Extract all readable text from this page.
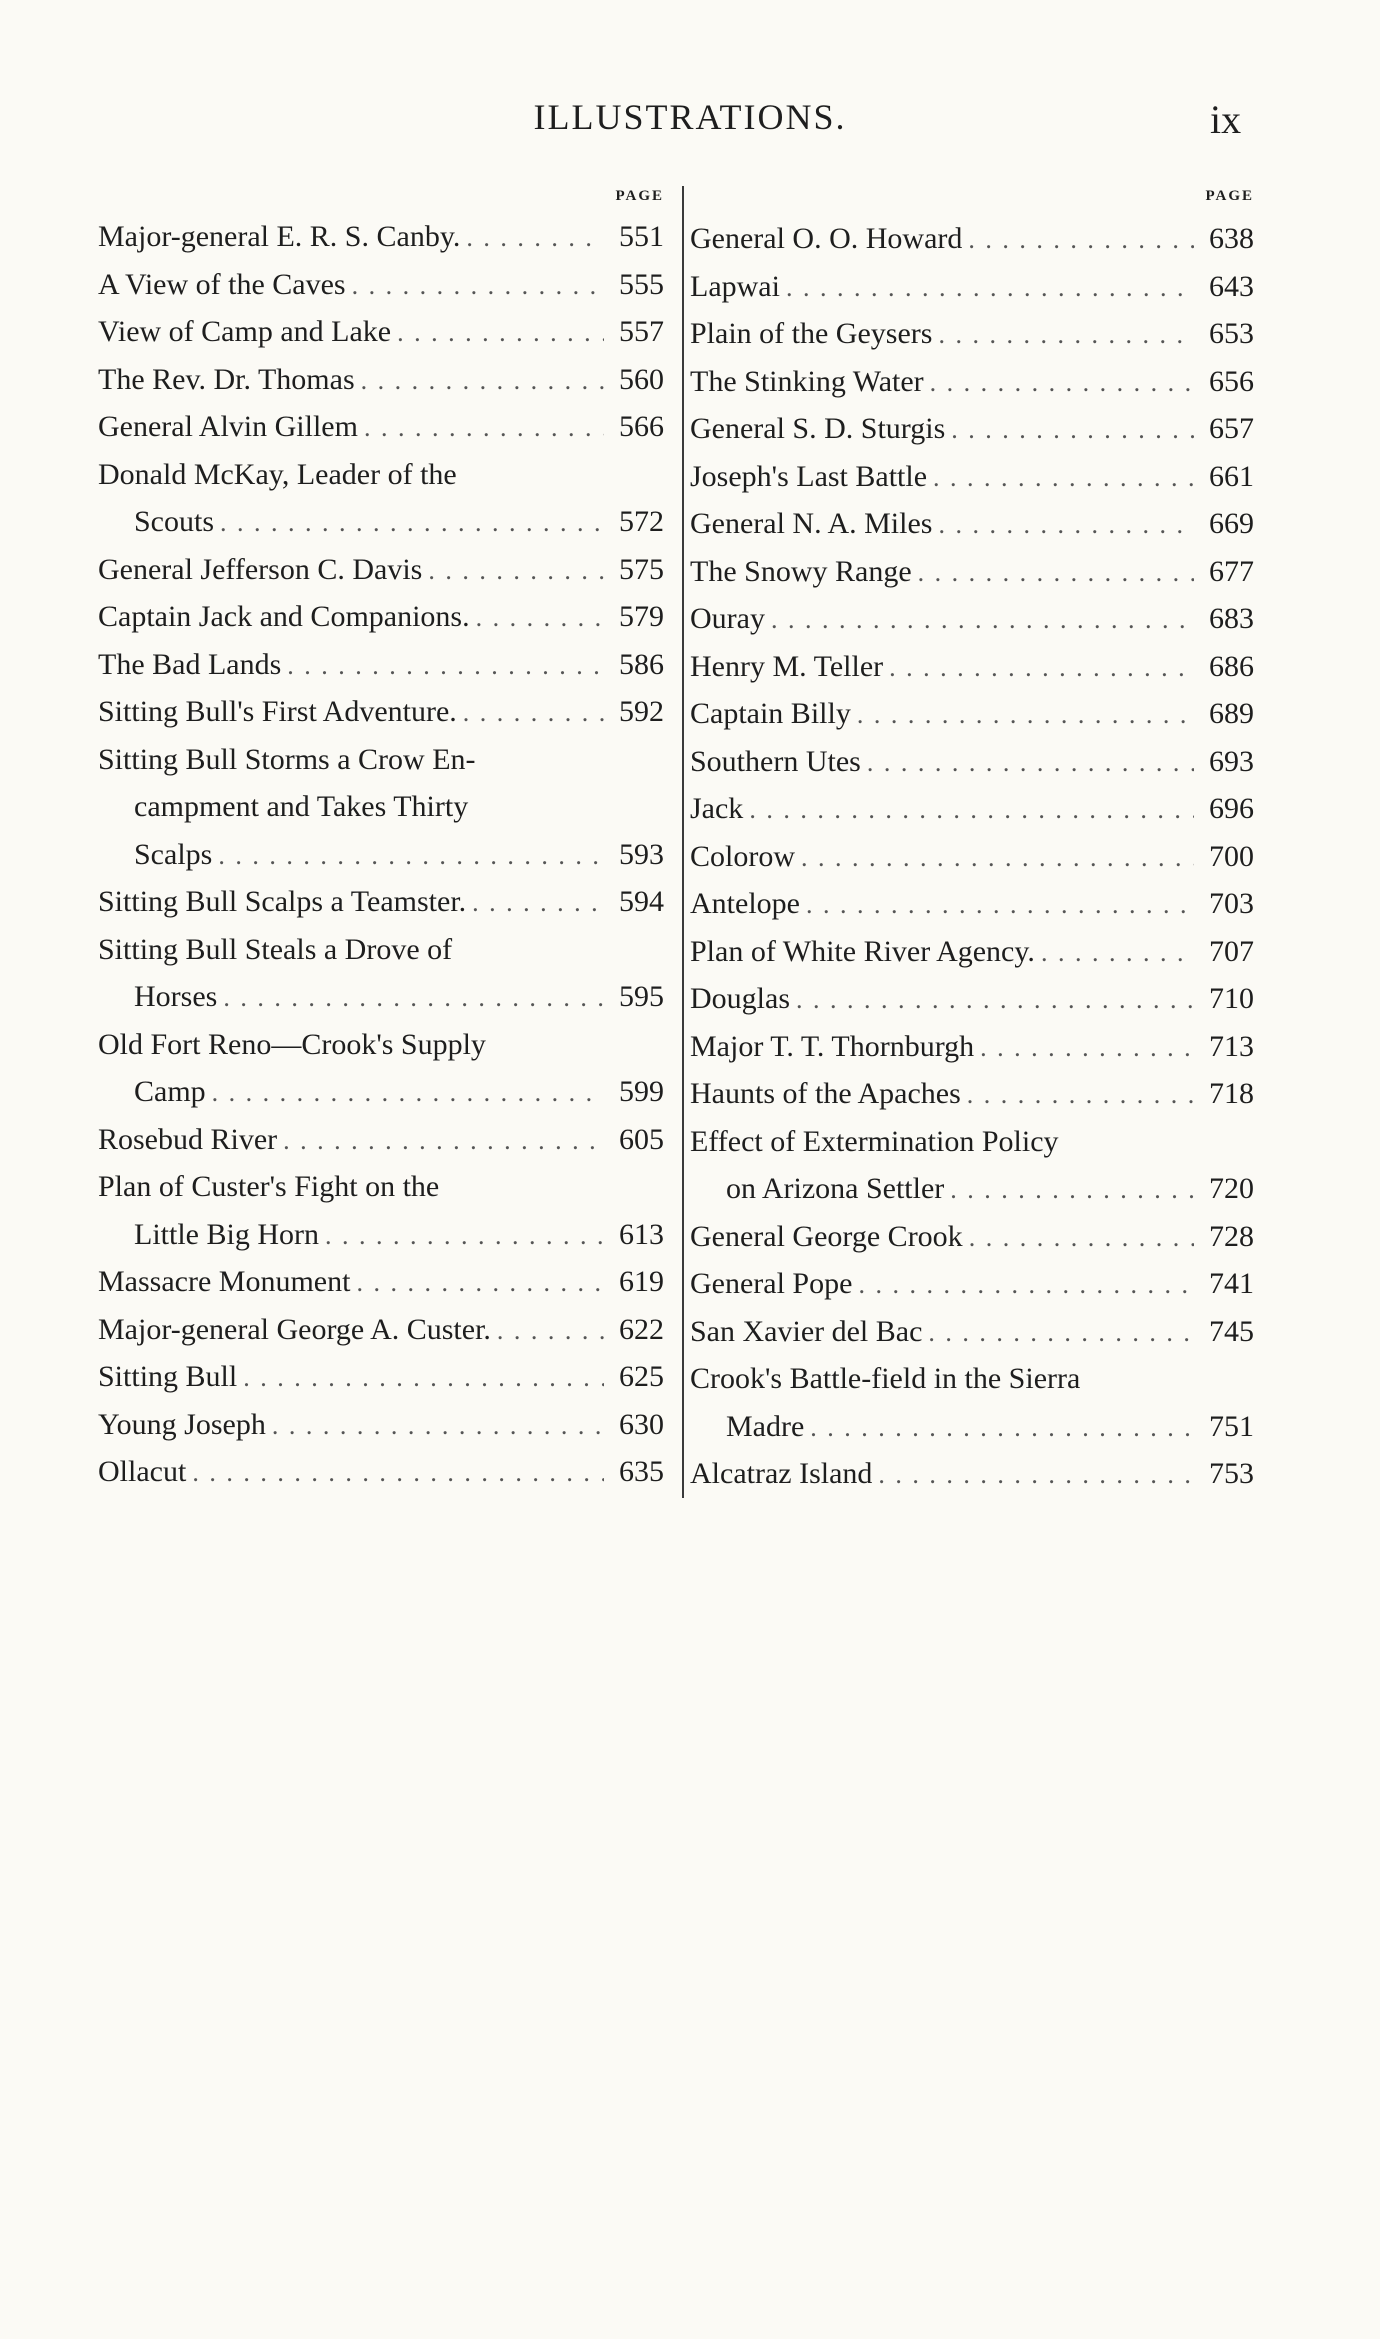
ILLUSTRATIONS.	ix
PAGE
Major-general E. R. S. Canby. . . .	551
A View of the Caves . . .	555
View of Camp and Lake . . .	557
The Rev. Dr. Thomas . . .	560
General Alvin Gillem . . .	566
Donald McKay, Leader of the
Scouts . . .	572
General Jefferson C. Davis . . .	575
Captain Jack and Companions. . . .	579
The Bad Lands . . .	586
Sitting Bull's First Adventure. . . .	592
Sitting Bull Storms a Crow En-
campment and Takes Thirty
Scalps . . .	593
Sitting Bull Scalps a Teamster. . . .	594
Sitting Bull Steals a Drove of
Horses . . .	595
Old Fort Reno—Crook's Supply
Camp . . .	599
Rosebud River . . .	605
Plan of Custer's Fight on the
Little Big Horn . . .	613
Massacre Monument . . .	619
Major-general George A. Custer. . . .	622
Sitting Bull . . .	625
Young Joseph . . .	630
Ollacut . . .	635
PAGE
General O. O. Howard . . .	638
Lapwai . . .	643
Plain of the Geysers . . .	653
The Stinking Water . . .	656
General S. D. Sturgis . . .	657
Joseph's Last Battle . . .	661
General N. A. Miles . . .	669
The Snowy Range . . .	677
Ouray . . .	683
Henry M. Teller . . .	686
Captain Billy . . .	689
Southern Utes . . .	693
Jack . . .	696
Colorow . . .	700
Antelope . . .	703
Plan of White River Agency. . . .	707
Douglas . . .	710
Major T. T. Thornburgh . . .	713
Haunts of the Apaches . . .	718
Effect of Extermination Policy
on Arizona Settler . . .	720
General George Crook . . .	728
General Pope . . .	741
San Xavier del Bac . . .	745
Crook's Battle-field in the Sierra
Madre . . .	751
Alcatraz Island . . .	753
